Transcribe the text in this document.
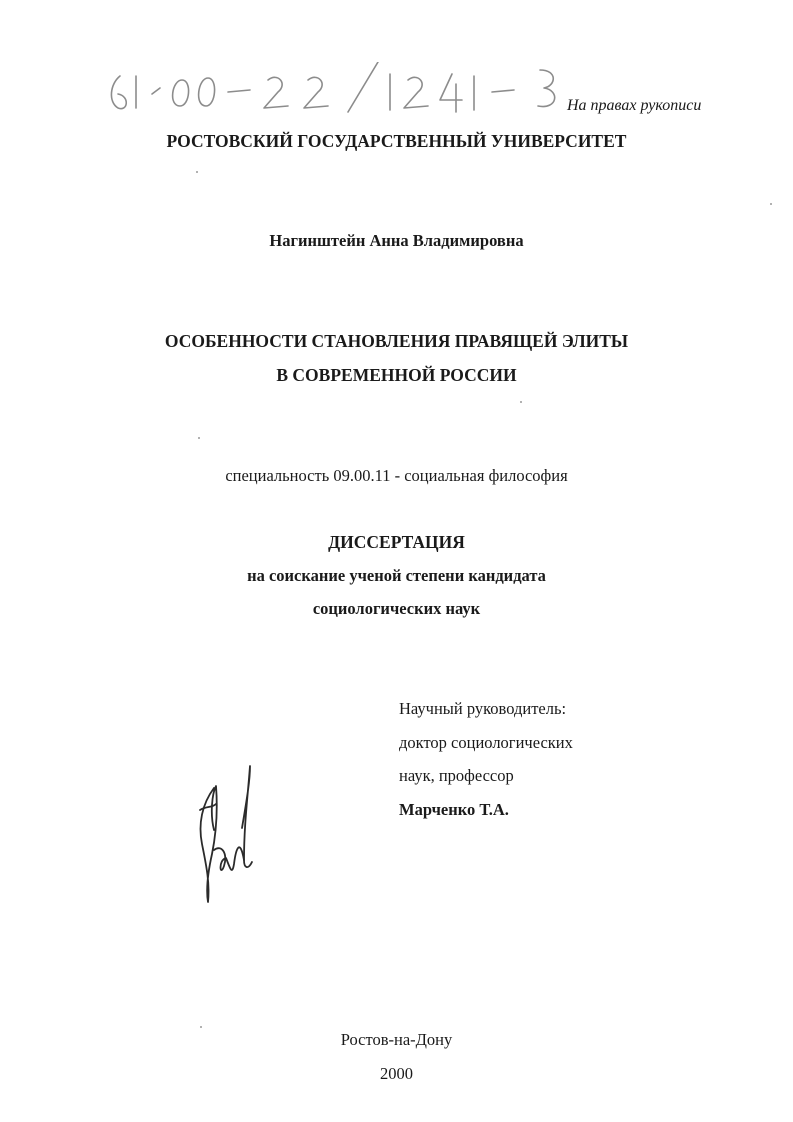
На правах рукописи
РОСТОВСКИЙ ГОСУДАРСТВЕННЫЙ УНИВЕРСИТЕТ
Нагинштейн Анна Владимировна
ОСОБЕННОСТИ СТАНОВЛЕНИЯ ПРАВЯЩЕЙ ЭЛИТЫ
В СОВРЕМЕННОЙ РОССИИ
специальность 09.00.11 - социальная философия
ДИССЕРТАЦИЯ
на соискание ученой степени кандидата
социологических наук
Научный руководитель:
доктор социологических
наук, профессор
Марченко Т.А.
Ростов-на-Дону
2000
